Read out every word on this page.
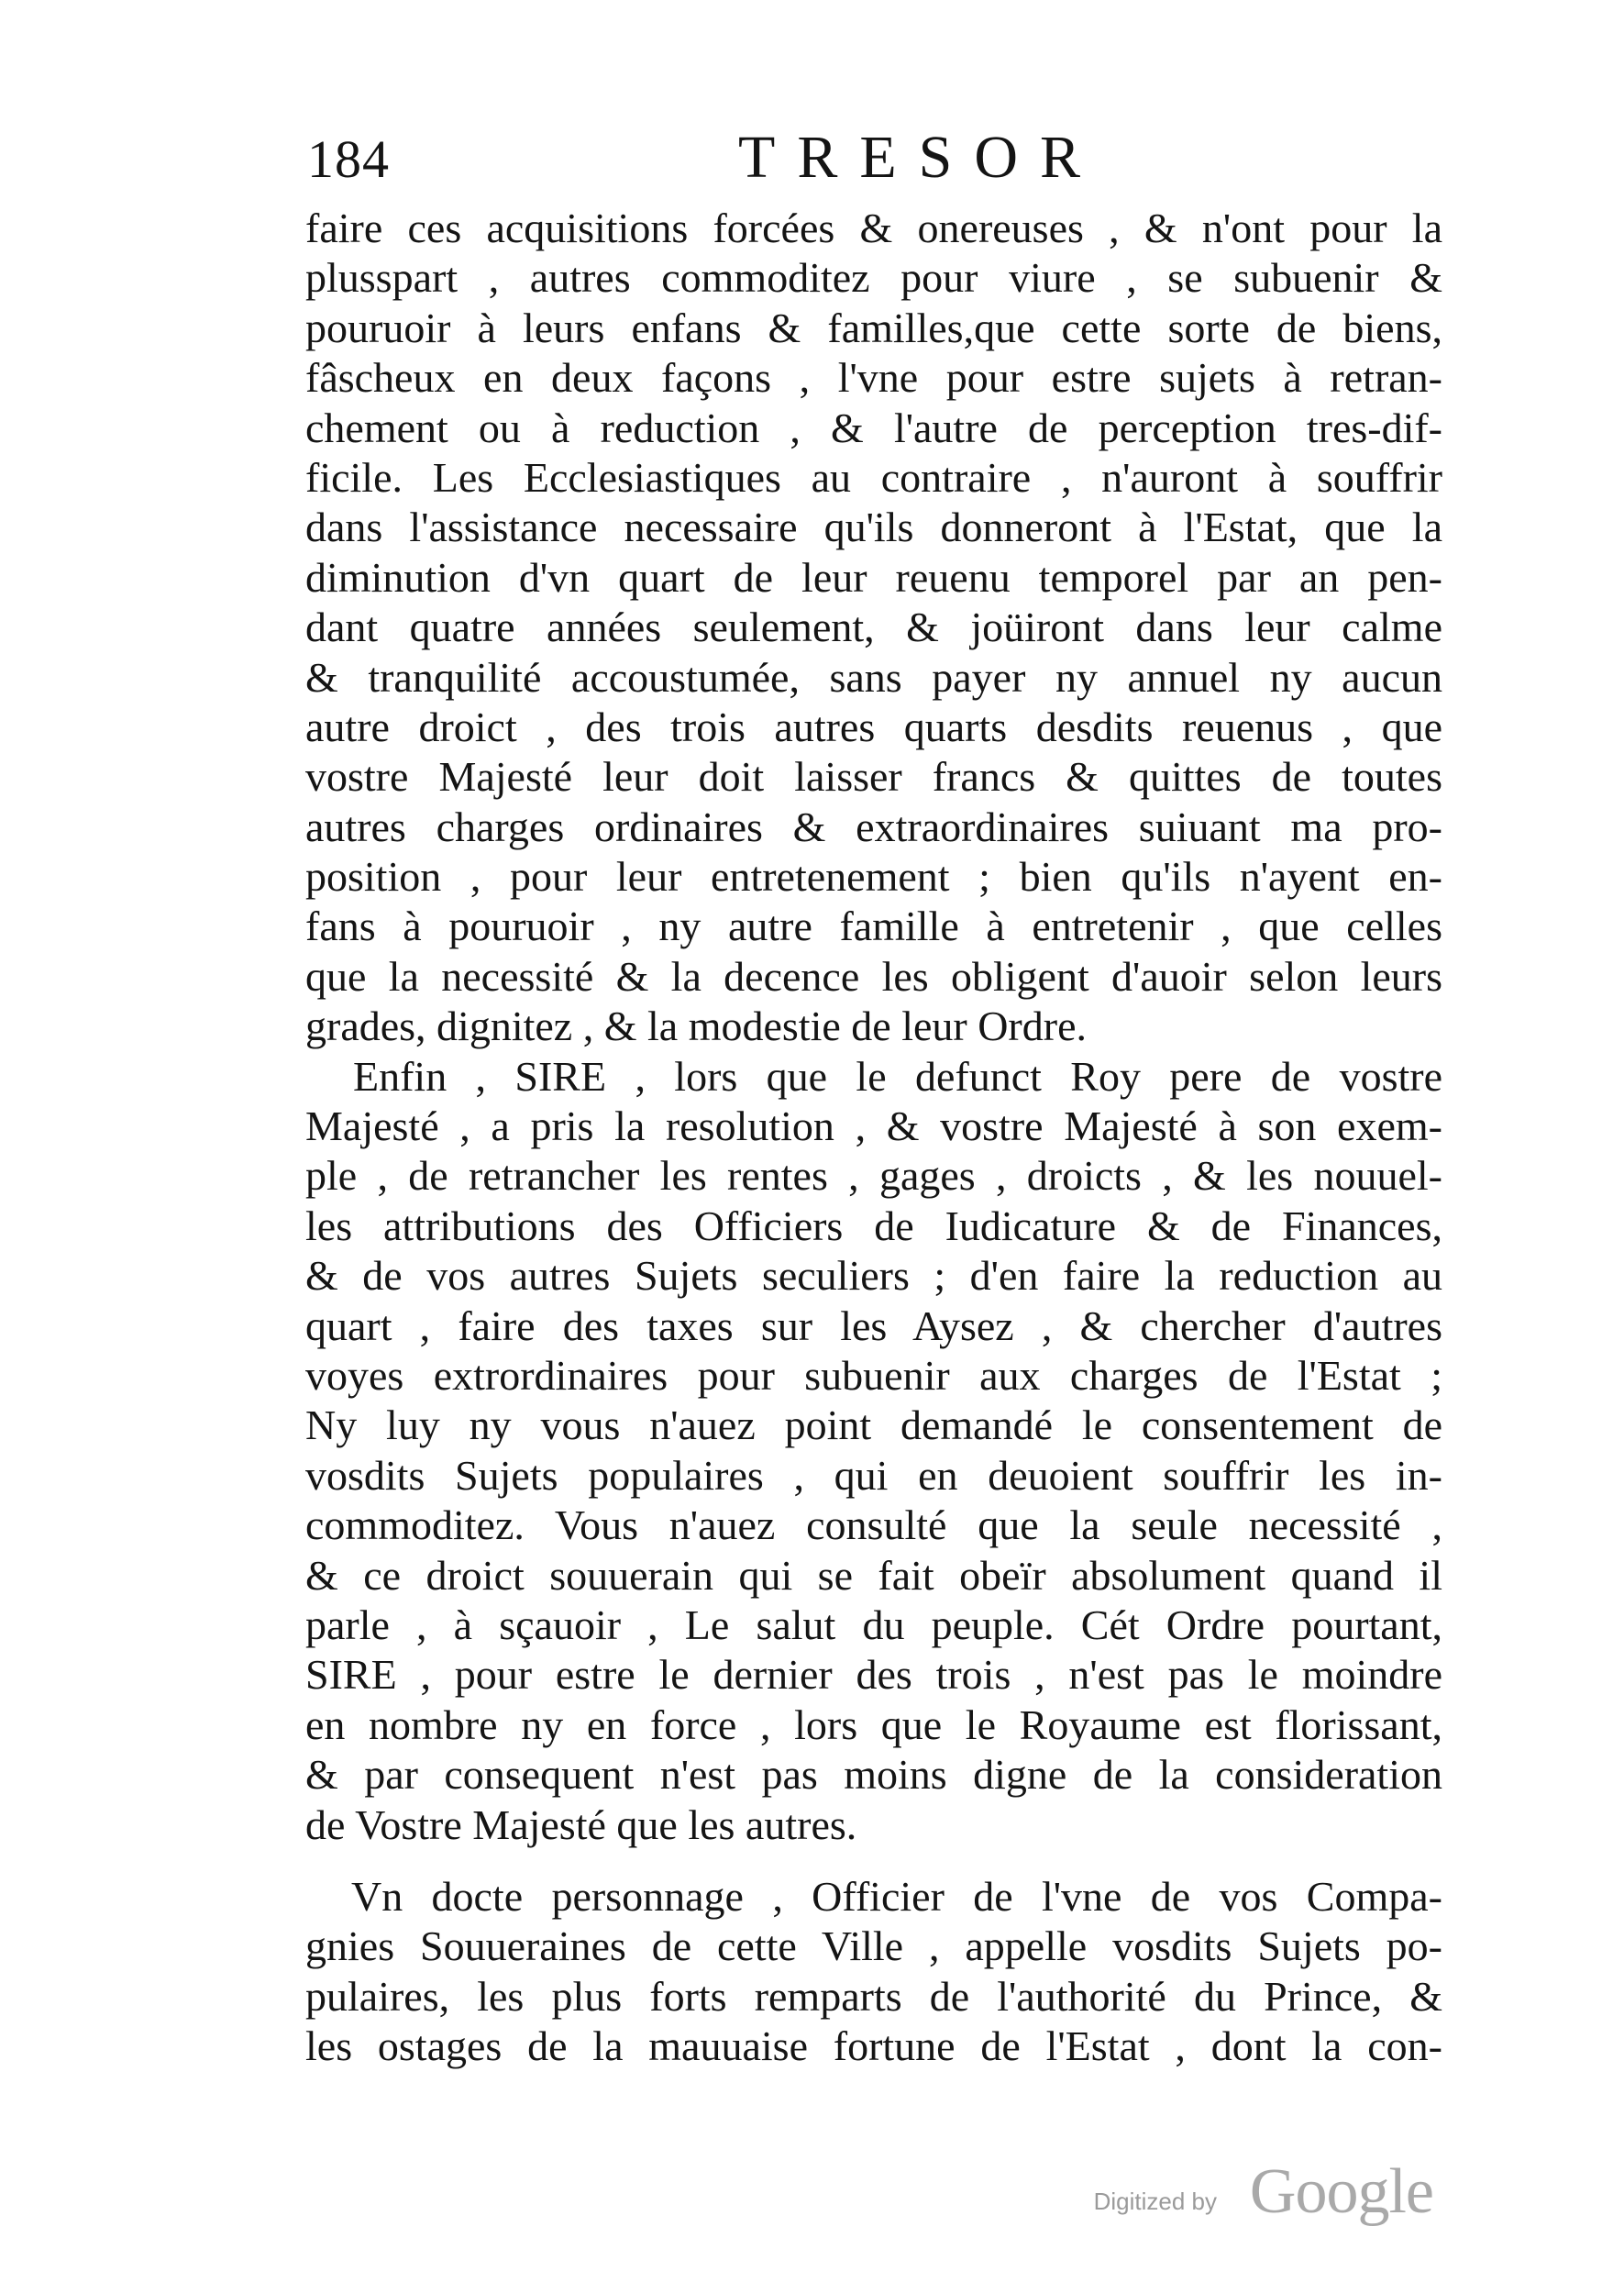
184	TRESOR
faire ces acquisitions forcées & onereuses , & n'ont pour la
plusspart , autres commoditez pour viure , se subuenir &
pouruoir à leurs enfans & familles,que cette sorte de biens,
fâscheux en deux façons , l'vne pour estre sujets à retran-
chement ou à reduction , & l'autre de perception tres-dif-
ficile. Les Ecclesiastiques au contraire , n'auront à souffrir
dans l'assistance necessaire qu'ils donneront à l'Estat, que la
diminution d'vn quart de leur reuenu temporel par an pen-
dant quatre années seulement, & joüiront dans leur calme
& tranquilité accoustumée, sans payer ny annuel ny aucun
autre droict , des trois autres quarts desdits reuenus , que
vostre Majesté leur doit laisser francs & quittes de toutes
autres charges ordinaires & extraordinaires suiuant ma pro-
position , pour leur entretenement ; bien qu'ils n'ayent en-
fans à pouruoir , ny autre famille à entretenir , que celles
que la necessité & la decence les obligent d'auoir selon leurs
grades, dignitez , & la modestie de leur Ordre.
Enfin , SIRE , lors que le defunct Roy pere de vostre
Majesté , a pris la resolution , & vostre Majesté à son exem-
ple , de retrancher les rentes , gages , droicts , & les nouuel-
les attributions des Officiers de Iudicature & de Finances,
& de vos autres Sujets seculiers ; d'en faire la reduction au
quart , faire des taxes sur les Aysez , & chercher d'autres
voyes extrordinaires pour subuenir aux charges de l'Estat ;
Ny luy ny vous n'auez point demandé le consentement de
vosdits Sujets populaires , qui en deuoient souffrir les in-
commoditez. Vous n'auez consulté que la seule necessité ,
& ce droict souuerain qui se fait obeïr absolument quand il
parle , à sçauoir , Le salut du peuple. Cét Ordre pourtant,
SIRE , pour estre le dernier des trois , n'est pas le moindre
en nombre ny en force , lors que le Royaume est florissant,
& par consequent n'est pas moins digne de la consideration
de Vostre Majesté que les autres.
Vn docte personnage , Officier de l'vne de vos Compa-
gnies Souueraines de cette Ville , appelle vosdits Sujets po-
pulaires, les plus forts remparts de l'authorité du Prince, &
les ostages de la mauuaise fortune de l'Estat , dont la con-
Digitized by Google
